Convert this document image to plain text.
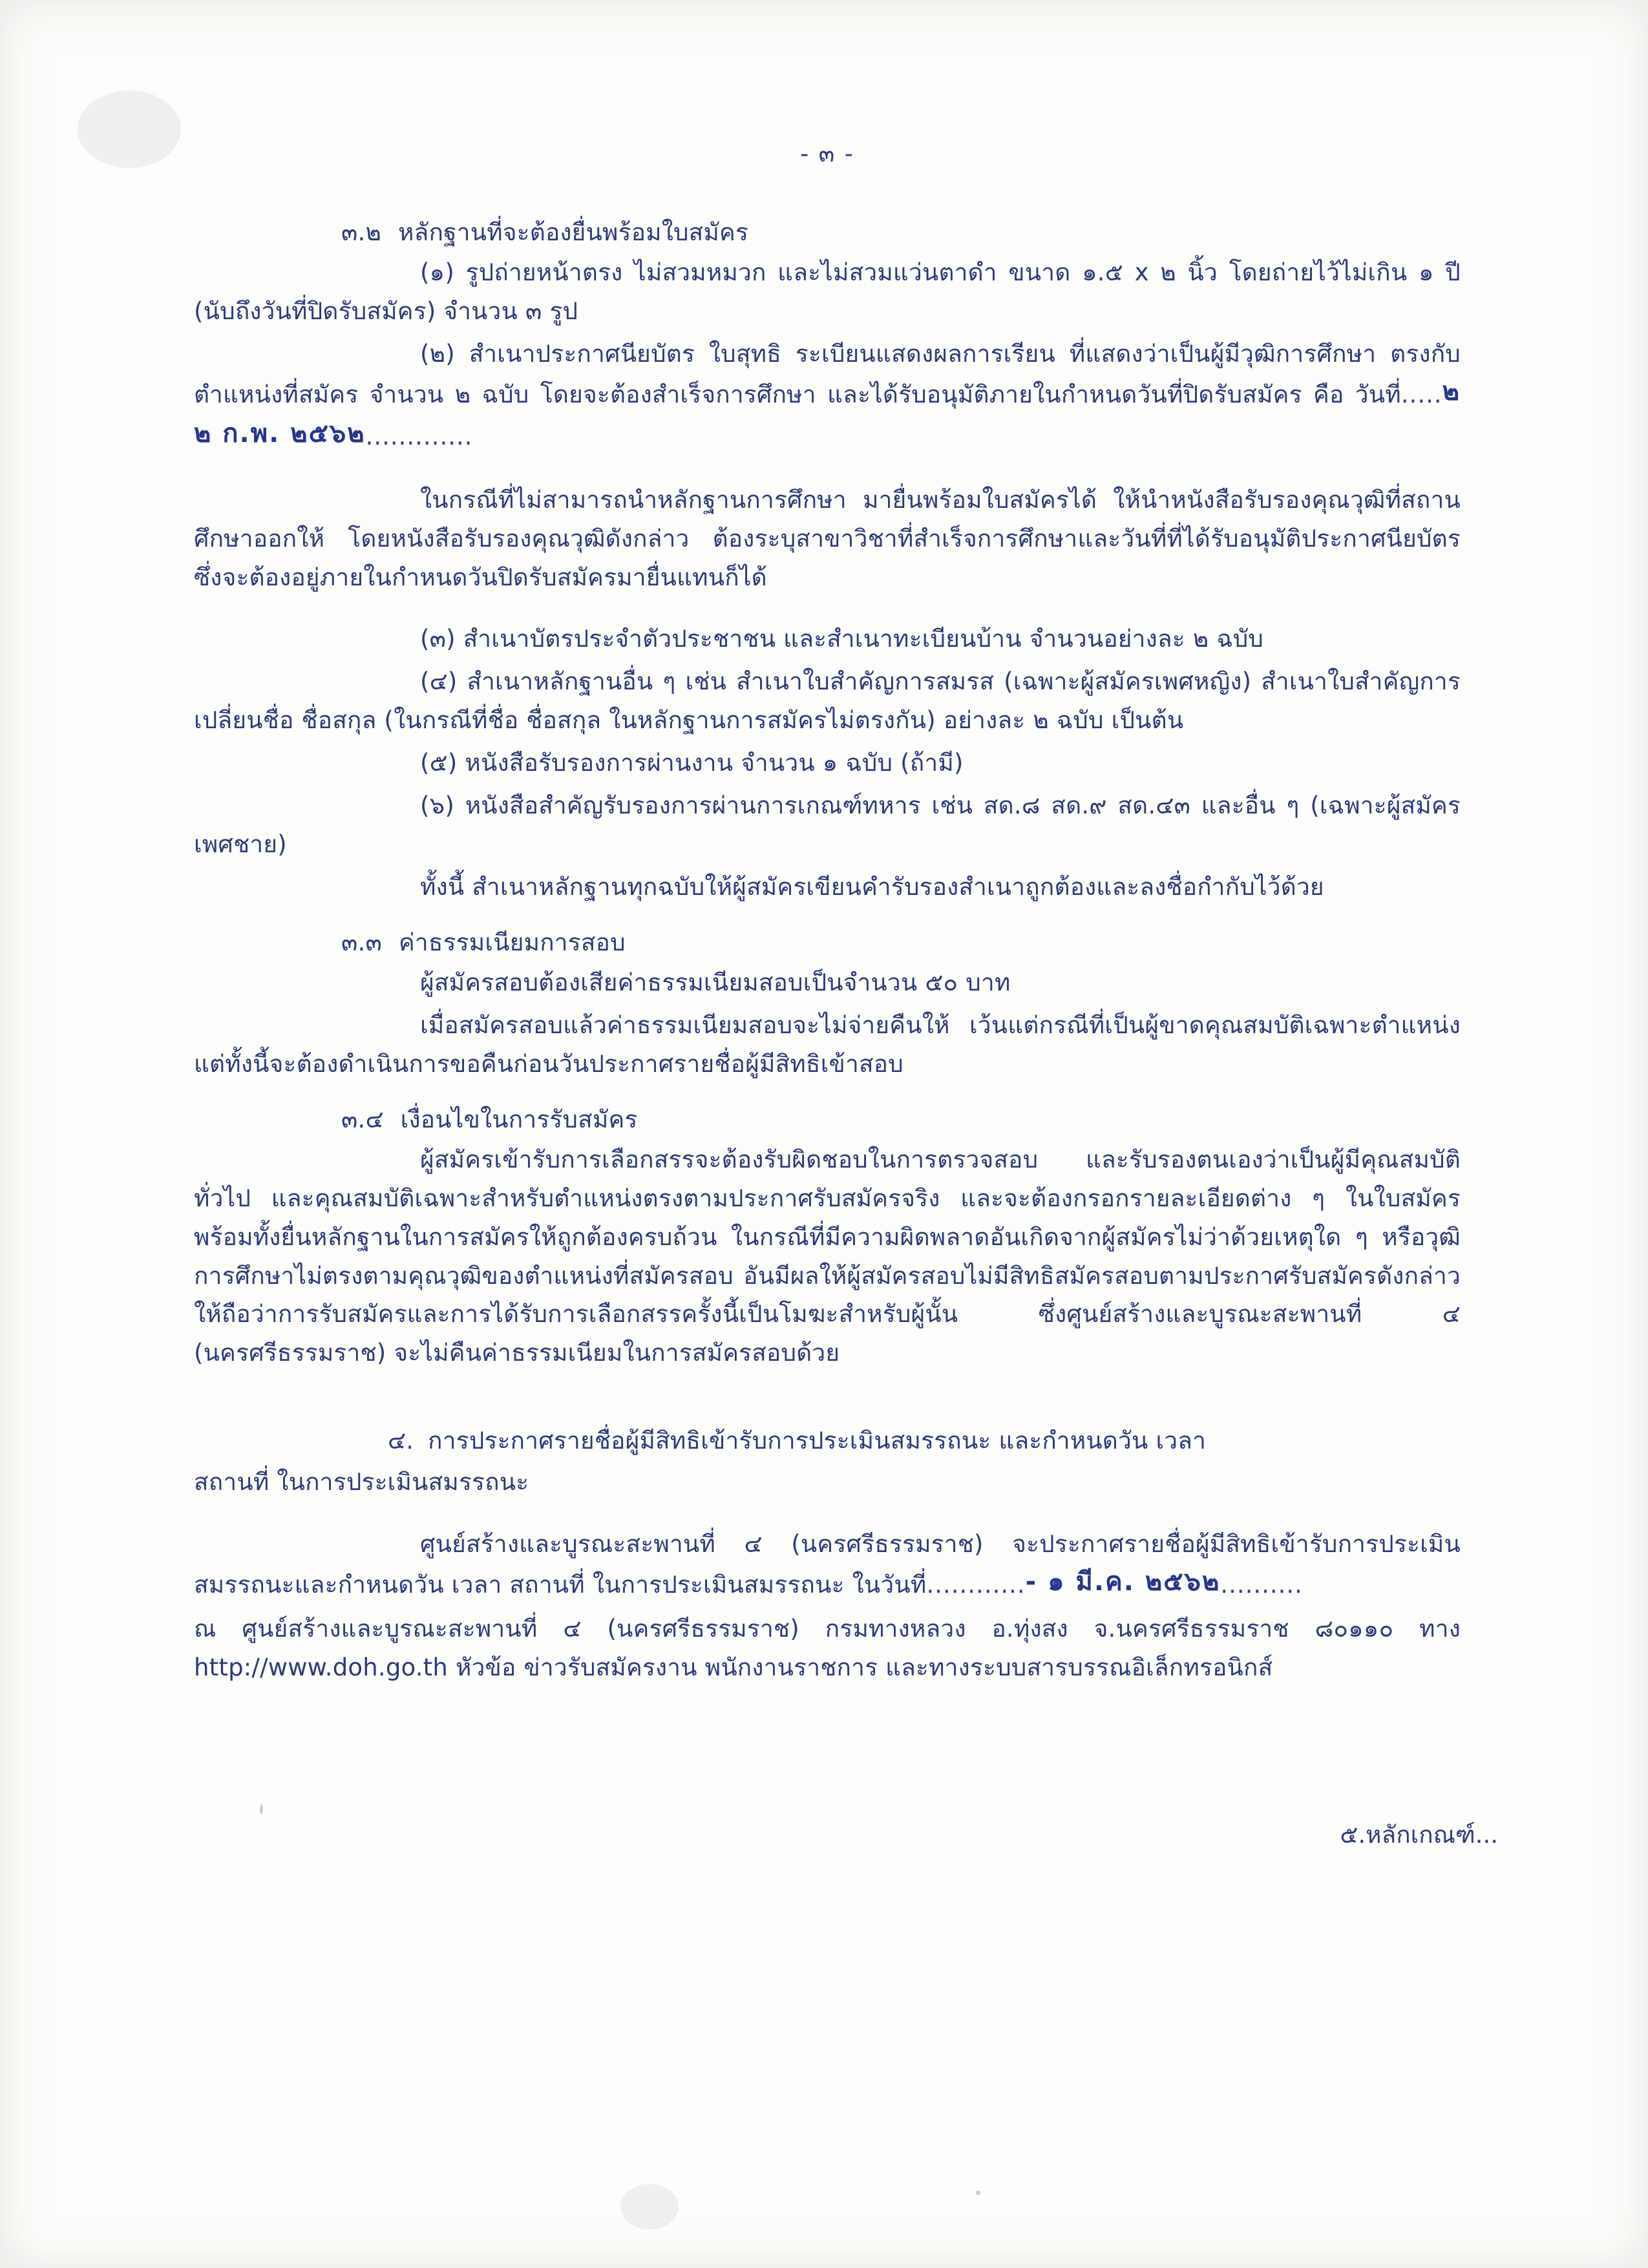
- ๓ -
๓.๒ หลักฐานที่จะต้องยื่นพร้อมใบสมัคร
(๑) รูปถ่ายหน้าตรง ไม่สวมหมวก และไม่สวมแว่นตาดำ ขนาด ๑.๕ x ๒ นิ้ว โดยถ่ายไว้ไม่เกิน ๑ ปี (นับถึงวันที่ปิดรับสมัคร) จำนวน ๓ รูป
(๒) สำเนาประกาศนียบัตร ใบสุทธิ ระเบียนแสดงผลการเรียน ที่แสดงว่าเป็นผู้มีวุฒิการศึกษา ตรงกับตำแหน่งที่สมัคร จำนวน ๒ ฉบับ โดยจะต้องสำเร็จการศึกษา และได้รับอนุมัติภายในกำหนดวันที่ปิดรับสมัคร คือ วันที่.....๒ ๒ ก.พ. ๒๕๖๒.............
ในกรณีที่ไม่สามารถนำหลักฐานการศึกษา มายื่นพร้อมใบสมัครได้ ให้นำหนังสือรับรองคุณวุฒิที่สถานศึกษาออกให้ โดยหนังสือรับรองคุณวุฒิดังกล่าว ต้องระบุสาขาวิชาที่สำเร็จการศึกษาและวันที่ที่ได้รับอนุมัติประกาศนียบัตร ซึ่งจะต้องอยู่ภายในกำหนดวันปิดรับสมัครมายื่นแทนก็ได้
(๓) สำเนาบัตรประจำตัวประชาชน และสำเนาทะเบียนบ้าน จำนวนอย่างละ ๒ ฉบับ
(๔) สำเนาหลักฐานอื่น ๆ เช่น สำเนาใบสำคัญการสมรส (เฉพาะผู้สมัครเพศหญิง) สำเนาใบสำคัญการเปลี่ยนชื่อ ชื่อสกุล (ในกรณีที่ชื่อ ชื่อสกุล ในหลักฐานการสมัครไม่ตรงกัน) อย่างละ ๒ ฉบับ เป็นต้น
(๕) หนังสือรับรองการผ่านงาน จำนวน ๑ ฉบับ (ถ้ามี)
(๖) หนังสือสำคัญรับรองการผ่านการเกณฑ์ทหาร เช่น สด.๘ สด.๙ สด.๔๓ และอื่น ๆ (เฉพาะผู้สมัครเพศชาย)
ทั้งนี้ สำเนาหลักฐานทุกฉบับให้ผู้สมัครเขียนคำรับรองสำเนาถูกต้องและลงชื่อกำกับไว้ด้วย
๓.๓ ค่าธรรมเนียมการสอบ
ผู้สมัครสอบต้องเสียค่าธรรมเนียมสอบเป็นจำนวน ๕๐ บาท
เมื่อสมัครสอบแล้วค่าธรรมเนียมสอบจะไม่จ่ายคืนให้ เว้นแต่กรณีที่เป็นผู้ขาดคุณสมบัติเฉพาะตำแหน่ง แต่ทั้งนี้จะต้องดำเนินการขอคืนก่อนวันประกาศรายชื่อผู้มีสิทธิเข้าสอบ
๓.๔ เงื่อนไขในการรับสมัคร
ผู้สมัครเข้ารับการเลือกสรรจะต้องรับผิดชอบในการตรวจสอบ และรับรองตนเองว่าเป็นผู้มีคุณสมบัติทั่วไป และคุณสมบัติเฉพาะสำหรับตำแหน่งตรงตามประกาศรับสมัครจริง และจะต้องกรอกรายละเอียดต่าง ๆ ในใบสมัคร พร้อมทั้งยื่นหลักฐานในการสมัครให้ถูกต้องครบถ้วน ในกรณีที่มีความผิดพลาดอันเกิดจากผู้สมัครไม่ว่าด้วยเหตุใด ๆ หรือวุฒิการศึกษาไม่ตรงตามคุณวุฒิของตำแหน่งที่สมัครสอบ อันมีผลให้ผู้สมัครสอบไม่มีสิทธิสมัครสอบตามประกาศรับสมัครดังกล่าว ให้ถือว่าการรับสมัครและการได้รับการเลือกสรรครั้งนี้เป็นโมฆะสำหรับผู้นั้น ซึ่งศูนย์สร้างและบูรณะสะพานที่ ๔ (นครศรีธรรมราช) จะไม่คืนค่าธรรมเนียมในการสมัครสอบด้วย
๔. การประกาศรายชื่อผู้มีสิทธิเข้ารับการประเมินสมรรถนะ และกำหนดวัน เวลา
สถานที่ ในการประเมินสมรรถนะ
ศูนย์สร้างและบูรณะสะพานที่ ๔ (นครศรีธรรมราช) จะประกาศรายชื่อผู้มีสิทธิเข้ารับการประเมินสมรรถนะและกำหนดวัน เวลา สถานที่ ในการประเมินสมรรถนะ ในวันที่............- ๑ มี.ค. ๒๕๖๒..........
ณ ศูนย์สร้างและบูรณะสะพานที่ ๔ (นครศรีธรรมราช) กรมทางหลวง อ.ทุ่งสง จ.นครศรีธรรมราช ๘๐๑๑๐ ทาง http://www.doh.go.th หัวข้อ ข่าวรับสมัครงาน พนักงานราชการ และทางระบบสารบรรณอิเล็กทรอนิกส์
๕.หลักเกณฑ์...
